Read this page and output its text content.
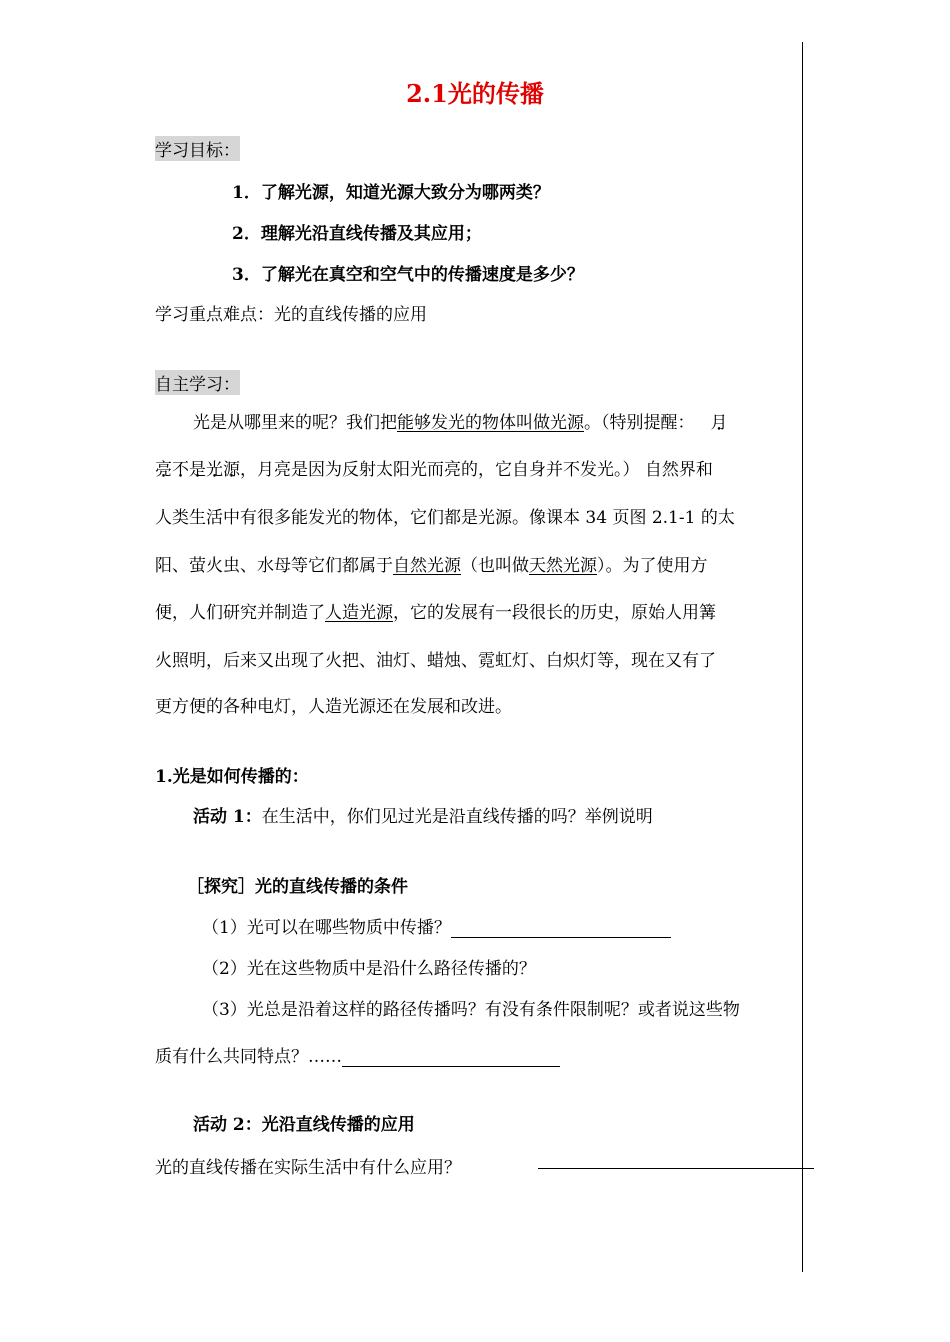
2.1光的传播
学习目标：
1．了解光源，知道光源大致分为哪两类？
2．理解光沿直线传播及其应用；
3．了解光在真空和空气中的传播速度是多少？
学习重点难点：光的直线传播的应用
自主学习：
光是从哪里来的呢？我们把能够发光的物体叫做光源。（特别提醒： 月
亮不是光源，月亮是因为反射太阳光而亮的，它自身并不发光。） 自然界和
人类生活中有很多能发光的物体，它们都是光源。像课本 34 页图 2.1-1 的太
阳、萤火虫、水母等它们都属于自然光源（也叫做天然光源）。为了使用方
便，人们研究并制造了人造光源，它的发展有一段很长的历史，原始人用篝
火照明，后来又出现了火把、油灯、蜡烛、霓虹灯、白炽灯等，现在又有了
更方便的各种电灯，人造光源还在发展和改进。
1.光是如何传播的：
活动 1：在生活中，你们见过光是沿直线传播的吗？举例说明
［探究］光的直线传播的条件
（1）光可以在哪些物质中传播？
（2）光在这些物质中是沿什么路径传播的？
（3）光总是沿着这样的路径传播吗？有没有条件限制呢？或者说这些物
质有什么共同特点？……
活动 2：光沿直线传播的应用
光的直线传播在实际生活中有什么应用？
